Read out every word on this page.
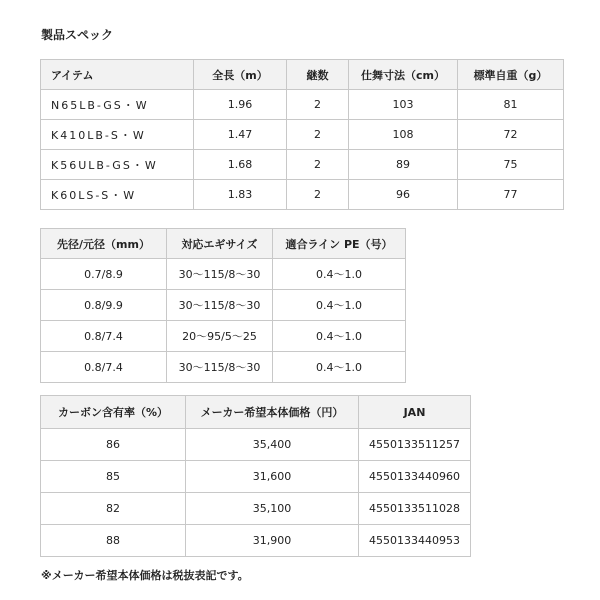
製品スペック
アイテム	全長（m）	継数	仕舞寸法（cm）	標準自重（g）
N65LB-GS・W	1.96	2	103	81
K410LB-S・W	1.47	2	108	72
K56ULB-GS・W	1.68	2	89	75
K60LS-S・W	1.83	2	96	77
先径/元径（mm）	対応エギサイズ	適合ライン PE（号）
0.7/8.9	30～115/8～30	0.4～1.0
0.8/9.9	30～115/8～30	0.4～1.0
0.8/7.4	20～95/5～25	0.4～1.0
0.8/7.4	30～115/8～30	0.4～1.0
カーボン含有率（%）	メーカー希望本体価格（円）	JAN
86	35,400	4550133511257
85	31,600	4550133440960
82	35,100	4550133511028
88	31,900	4550133440953
※メーカー希望本体価格は税抜表記です。
